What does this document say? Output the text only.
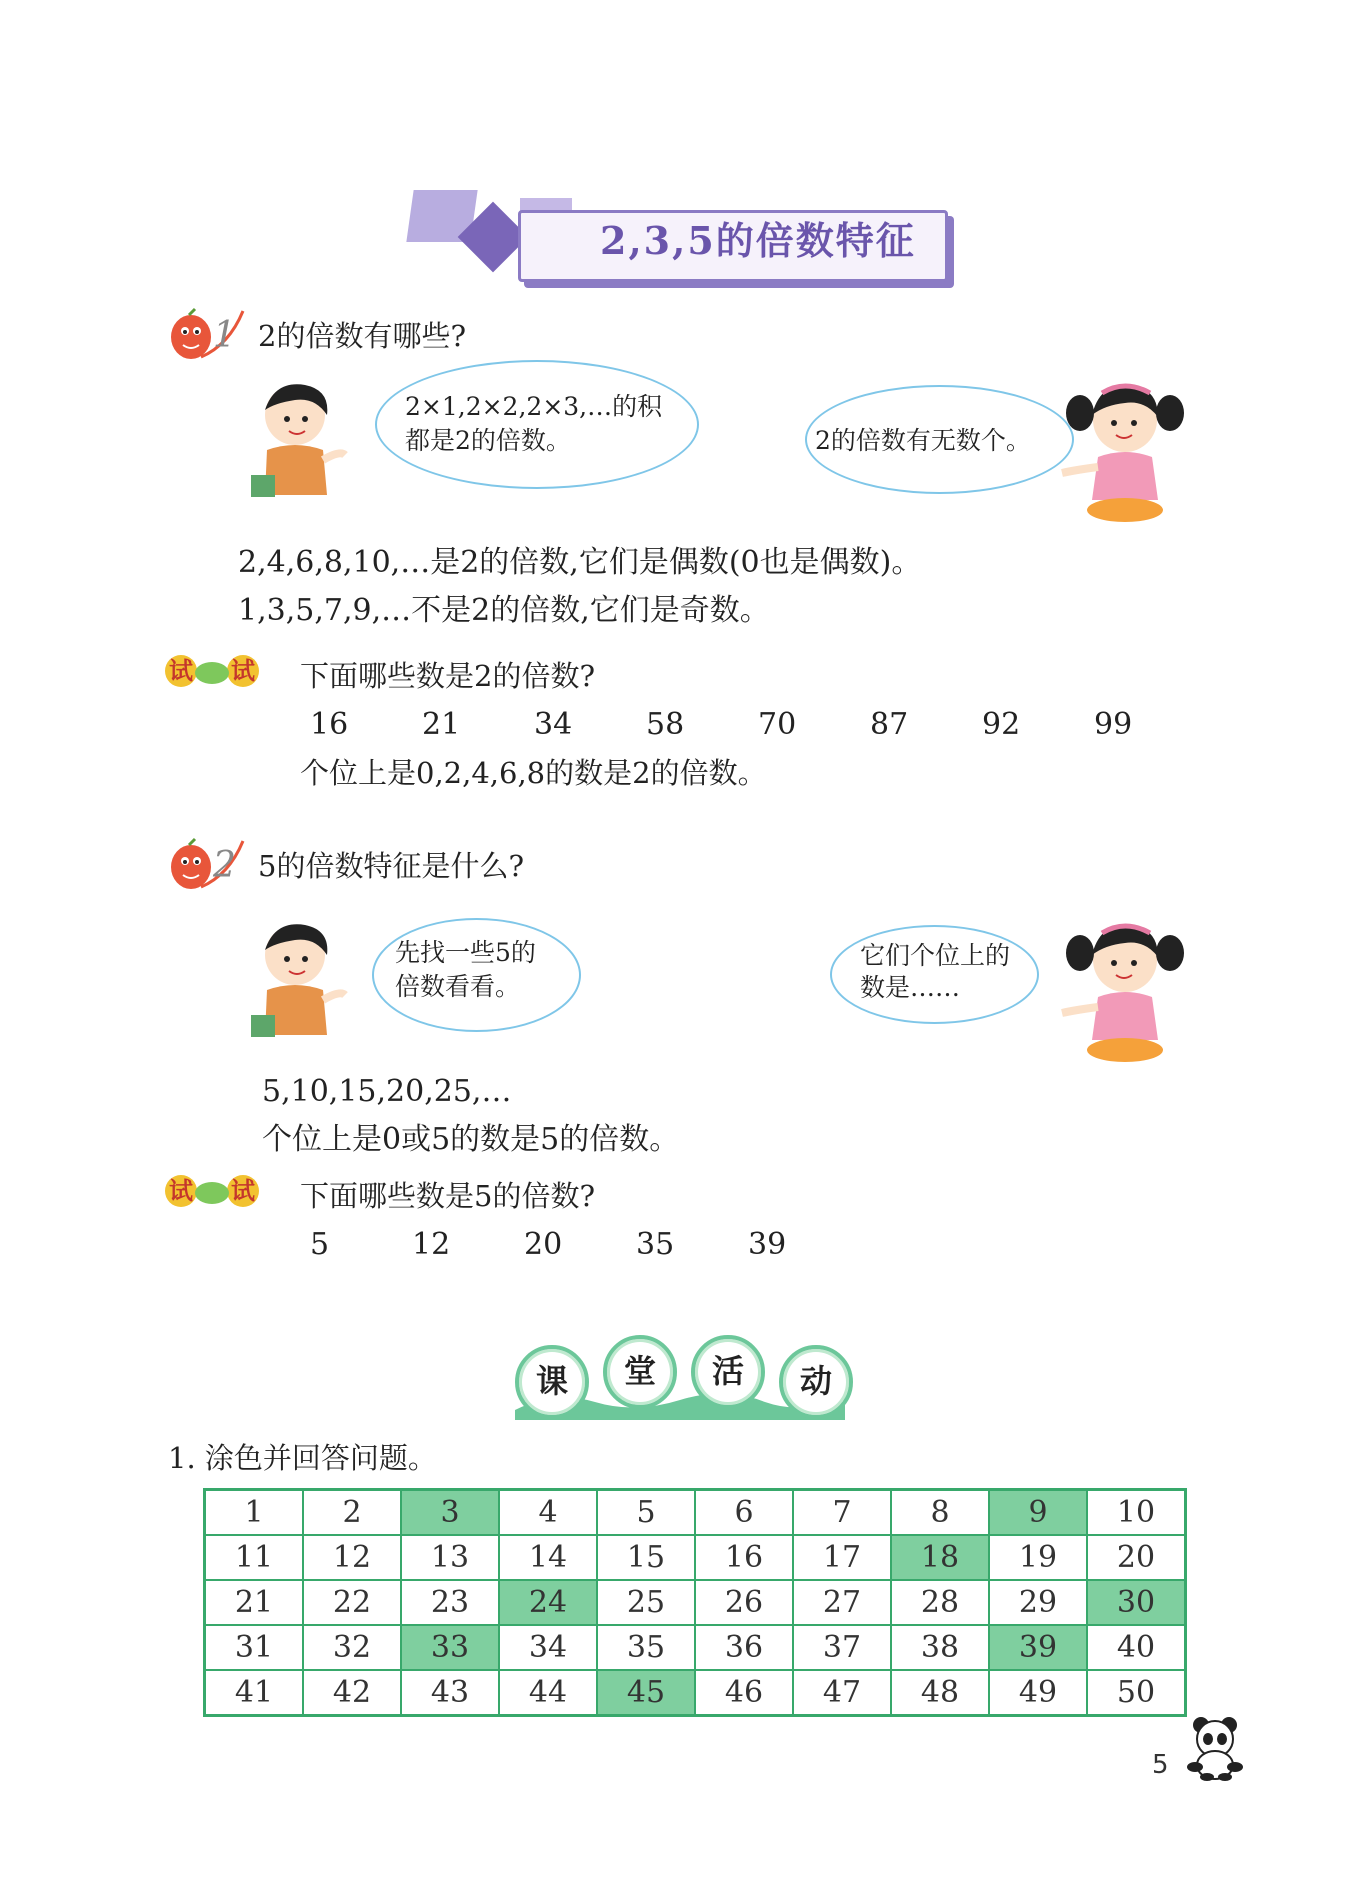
2,3,5的倍数特征
1 2的倍数有哪些?
2×1,2×2,2×3,…的积
都是2的倍数。	2的倍数有无数个。
2,4,6,8,10,…是2的倍数,它们是偶数(0也是偶数)。
1,3,5,7,9,…不是2的倍数,它们是奇数。
试 试 下面哪些数是2的倍数?
16	21	34	58	70	87	92	99
个位上是0,2,4,6,8的数是2的倍数。
2 5的倍数特征是什么?
先找一些5的
倍数看看。
它们个位上的
数是……
5,10,15,20,25,…
个位上是0或5的数是5的倍数。
试 试 下面哪些数是5的倍数?
5	12	20	35	39
课	堂	活	动
1. 涂色并回答问题。
1	2	3	4	5	6	7	8	9	10
11	12	13	14	15	16	17	18	19	20
21	22	23	24	25	26	27	28	29	30
31	32	33	34	35	36	37	38	39	40
41	42	43	44	45	46	47	48	49	50
5
